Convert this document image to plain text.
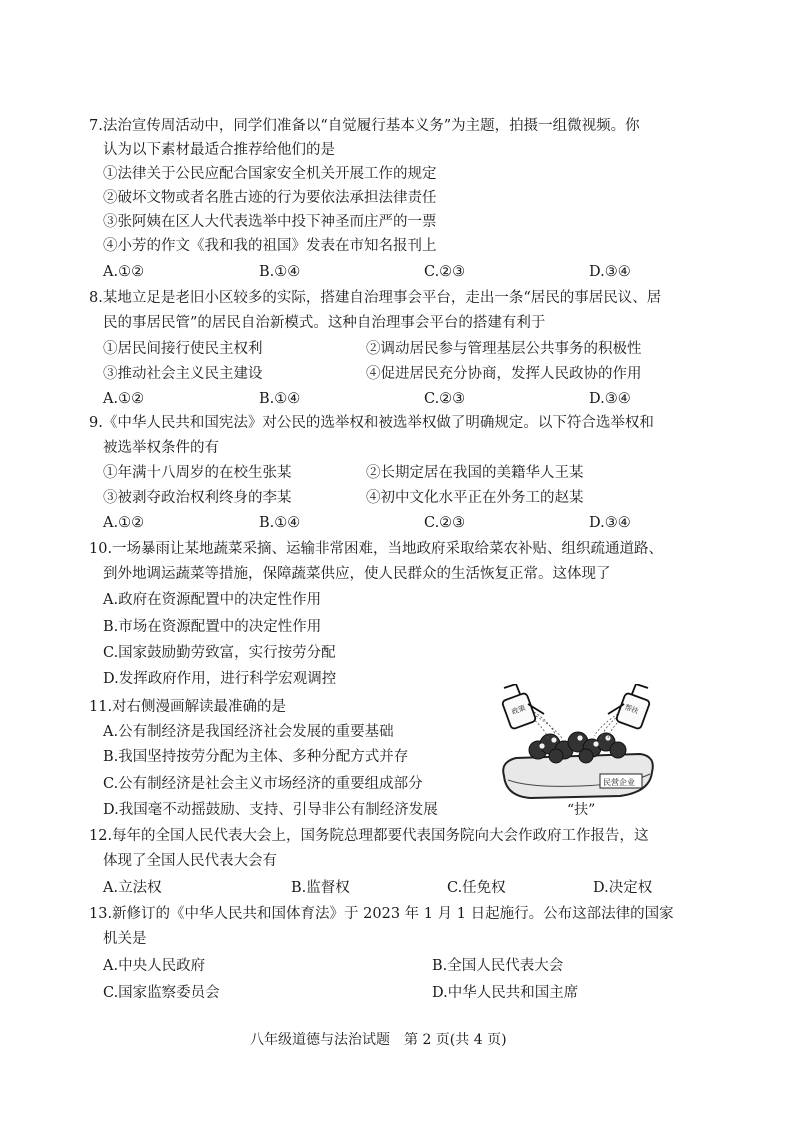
7.法治宣传周活动中，同学们准备以“自觉履行基本义务”为主题，拍摄一组微视频。你
认为以下素材最适合推荐给他们的是
①法律关于公民应配合国家安全机关开展工作的规定
②破坏文物或者名胜古迹的行为要依法承担法律责任
③张阿姨在区人大代表选举中投下神圣而庄严的一票
④小芳的作文《我和我的祖国》发表在市知名报刊上
A.①②	B.①④	C.②③	D.③④
8.某地立足是老旧小区较多的实际，搭建自治理事会平台，走出一条“居民的事居民议、居
民的事居民管”的居民自治新模式。这种自治理事会平台的搭建有利于
①居民间接行使民主权利	②调动居民参与管理基层公共事务的积极性
③推动社会主义民主建设	④促进居民充分协商，发挥人民政协的作用
A.①②	B.①④	C.②③	D.③④
9.《中华人民共和国宪法》对公民的选举权和被选举权做了明确规定。以下符合选举权和
被选举权条件的有
①年满十八周岁的在校生张某	②长期定居在我国的美籍华人王某
③被剥夺政治权利终身的李某	④初中文化水平正在外务工的赵某
A.①②	B.①④	C.②③	D.③④
10.一场暴雨让某地蔬菜采摘、运输非常困难，当地政府采取给菜农补贴、组织疏通道路、
到外地调运蔬菜等措施，保障蔬菜供应，使人民群众的生活恢复正常。这体现了
A.政府在资源配置中的决定性作用
B.市场在资源配置中的决定性作用
C.国家鼓励勤劳致富，实行按劳分配
D.发挥政府作用，进行科学宏观调控
11.对右侧漫画解读最准确的是
A.公有制经济是我国经济社会发展的重要基础
B.我国坚持按劳分配为主体、多种分配方式并存
C.公有制经济是社会主义市场经济的重要组成部分
D.我国毫不动摇鼓励、支持、引导非公有制经济发展
政策	帮扶
民营企业
“扶”
12.每年的全国人民代表大会上，国务院总理都要代表国务院向大会作政府工作报告，这
体现了全国人民代表大会有
A.立法权	B.监督权	C.任免权	D.决定权
13.新修订的《中华人民共和国体育法》于 2023 年 1 月 1 日起施行。公布这部法律的国家
机关是
A.中央人民政府	B.全国人民代表大会
C.国家监察委员会	D.中华人民共和国主席
八年级道德与法治试题　第 2 页(共 4 页)
